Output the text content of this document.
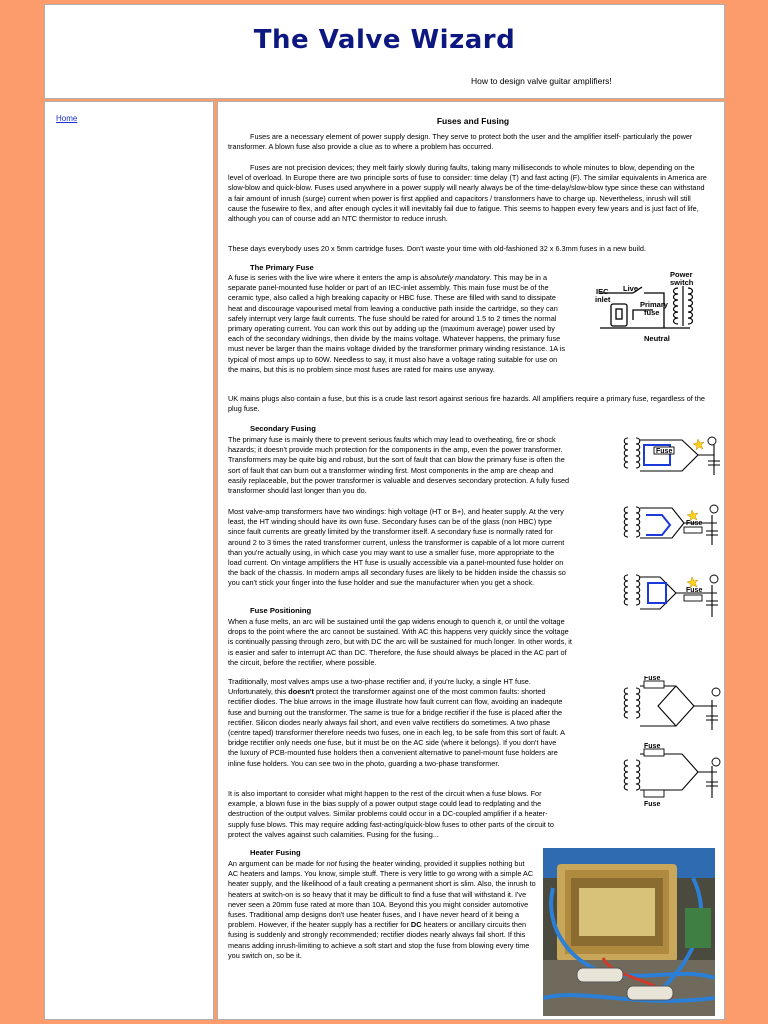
The Valve Wizard
How to design valve guitar amplifiers!
Home	Fuses and Fusing

Fuses are a necessary element of power supply design. They serve to protect both the user and the amplifier itself- particularly the power transformer. A blown fuse also provide a clue as to where a problem has occurred.

Fuses are not precision devices; they melt fairly slowly during faults, taking many milliseconds to whole minutes to blow, depending on the level of overload. In Europe there are two principle sorts of fuse to consider: time delay (T) and fast acting (F). The similar equivalents in America are slow-blow and quick-blow. Fuses used anywhere in a power supply will nearly always be of the time-delay/slow-blow type since these can withstand a fair amount of inrush (surge) current when power is first applied and capacitors / transformers have to charge up. Nevertheless, inrush will still cause the fusewire to flex, and after enough cycles it will inevitably fail due to fatigue. This seems to happen every few years and is just fact of life, although you can of course add an NTC thermistor to reduce inrush.

These days everybody uses 20 x 5mm cartridge fuses. Don't waste your time with old-fashioned 32 x 6.3mm fuses in a new build.

The Primary Fuse

A fuse is series with the live wire where it enters the amp is absolutely mandatory. This may be in a separate panel-mounted fuse holder or part of an IEC-inlet assembly. This main fuse must be of the ceramic type, also called a high breaking capacity or HBC fuse. These are filled with sand to dissipate heat and discourage vapourised metal from leaving a conductive path inside the cartridge, so they can safely interrupt very large fault currents. The fuse should be rated for around 1.5 to 2 times the normal primary operating current. You can work this out by adding up the (maximum average) power used by each of the secondary widnings, then divide by the mains voltage. Whatever happens, the primary fuse must never be larger than the mains voltage divided by the transformer primary winding resistance. 1A is typical of most amps up to 60W. Needless to say, it must also have a voltage rating suitable for use on the mains, but this is no problem since most fuses are rated for mains use anyway.

UK mains plugs also contain a fuse, but this is a crude last resort against serious fire hazards. All amplifiers require a primary fuse, regardless of the plug fuse.

Secondary Fusing

The primary fuse is mainly there to prevent serious faults which may lead to overheating, fire or shock hazards; it doesn't provide much protection for the components in the amp, even the power transformer. Transformers may be quite big and robust, but the sort of fault that can blow the primary fuse is often the sort of fault that can burn out a transformer winding first. Most components in the amp are cheap and easily replaceable, but the power transformer is valuable and deserves secondary protection. A fully fused transformer should last longer than you do.

Most valve-amp transformers have two windings: high voltage (HT or B+), and heater supply. At the very least, the HT winding should have its own fuse. Secondary fuses can be of the glass (non HBC) type since fault currents are greatly limited by the transformer itself. A secondary fuse is normally rated for around 2 to 3 times the rated transformer current, unless the transformer is capable of a lot more current than you're actually using, in which case you may want to use a smaller fuse, more appropriate to the load current. On vintage amplifiers the HT fuse is usually accessible via a panel-mounted fuse holder on the back of the chassis. In modern amps all secondary fuses are likely to be hidden inside the chassis so you can't stick your finger into the fuse holder and sue the manufacturer when you get a shock.

Fuse Positioning

When a fuse melts, an arc will be sustained until the gap widens enough to quench it, or until the voltage drops to the point where the arc cannot be sustained. With AC this happens very quickly since the voltage is continually passing through zero, but with DC the arc will be sustained for much longer. In other words, it is easier and safer to interrupt AC than DC. Therefore, the fuse should always be placed in the AC part of the circuit, before the rectifier, where possible.

Traditionally, most valves amps use a two-phase rectifier and, if you're lucky, a single HT fuse. Unfortunately, this doesn't protect the transformer against one of the most common faults: shorted rectifier diodes. The blue arrows in the image illustrate how fault current can flow, avoiding an inadequte fuse and burning out the transformer. The same is true for a bridge rectifier if the fuse is placed after the rectifier. Silicon diodes nearly always fail short, and even valve rectifiers do sometimes. A two phase (centre taped) transformer therefore needs two fuses, one in each leg, to be safe from this sort of fault. A bridge rectifier only needs one fuse, but it must be on the AC side (where it belongs). If you don't have the luxury of PCB-mounted fuse holders then a convenient alternative to panel-mount fuse holders are inline fuse holders. You can see two in the photo, guarding a two-phase transformer.

It is also important to consider what might happen to the rest of the circuit when a fuse blows. For example, a blown fuse in the bias supply of a power output stage could lead to redplating and the destruction of the output valves. Similar problems could occur in a DC-coupled amplifier if a heater-supply fuse blows. This may require adding fast-acting/quick-blow fuses to other parts of the circuit to protect the valves against such calamities. Fusing for the fusing...

Heater Fusing

An argument can be made for not fusing the heater winding, provided it supplies nothing but AC heaters and lamps. You know, simple stuff. There is very little to go wrong with a simple AC heater supply, and the likelihood of a fault creating a permanent short is slim. Also, the inrush to heaters at switch-on is so heavy that it may be difficult to find a fuse that will withstand it. I've never seen a 20mm fuse rated at more than 10A. Beyond this you might consider automotive fuses. Traditional amp designs don't use heater fuses, and I have never heard of it being a problem. However, if the heater supply has a rectifier for DC heaters or ancillary circuits then fusing is suddenly and strongly recommended; rectifier diodes nearly always fail short. If this means adding inrush-limiting to achieve a soft start and stop the fuse from blowing every time you switch on, so be it.

Power
switch
IEC
inlet
Live
Primary
fuse
Neutral
Fuse
Fuse
Fuse
Fuse
Fuse
Fuse
